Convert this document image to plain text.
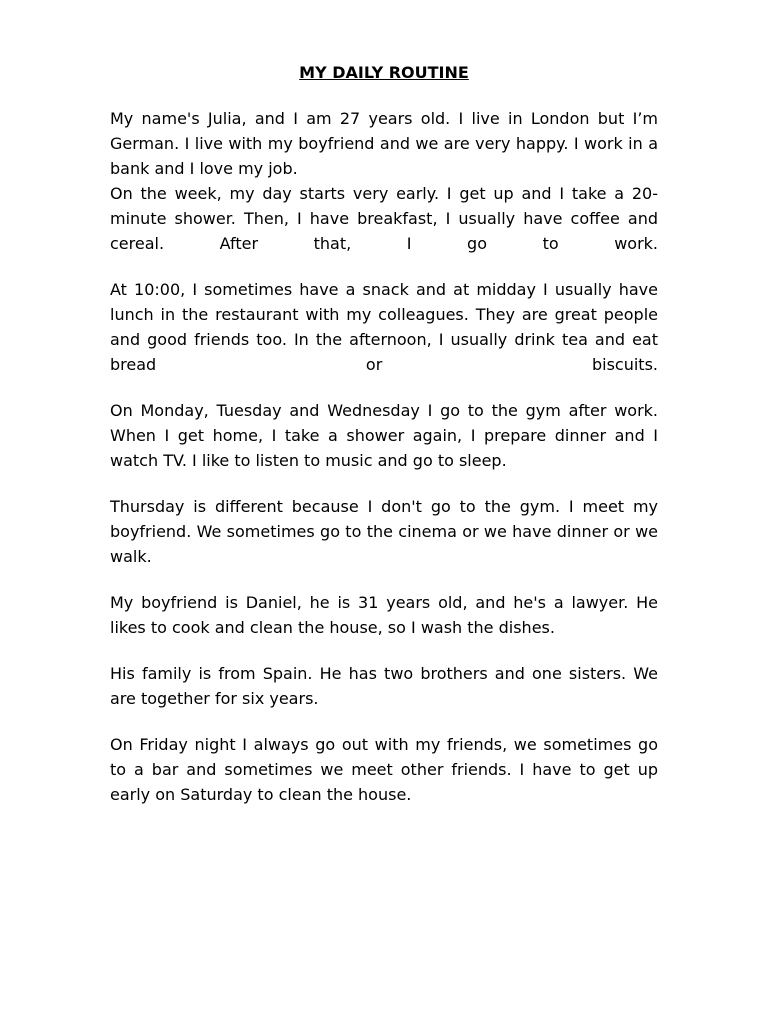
MY DAILY ROUTINE

My name's Julia, and I am 27 years old. I live in London but I’m German. I live with my boyfriend and we are very happy. I work in a bank and I love my job.

On the week, my day starts very early. I get up and I take a 20-minute shower. Then, I have breakfast, I usually have coffee and cereal. After that, I go to work.

At 10:00, I sometimes have a snack and at midday I usually have lunch in the restaurant with my colleagues. They are great people and good friends too. In the afternoon, I usually drink tea and eat bread or biscuits.

On Monday, Tuesday and Wednesday I go to the gym after work. When I get home, I take a shower again, I prepare dinner and I watch TV. I like to listen to music and go to sleep.

Thursday is different because I don't go to the gym. I meet my boyfriend. We sometimes go to the cinema or we have dinner or we walk.

My boyfriend is Daniel, he is 31 years old, and he's a lawyer. He likes to cook and clean the house, so I wash the dishes.

His family is from Spain. He has two brothers and one sisters. We are together for six years.

On Friday night I always go out with my friends, we sometimes go to a bar and sometimes we meet other friends. I have to get up early on Saturday to clean the house.
